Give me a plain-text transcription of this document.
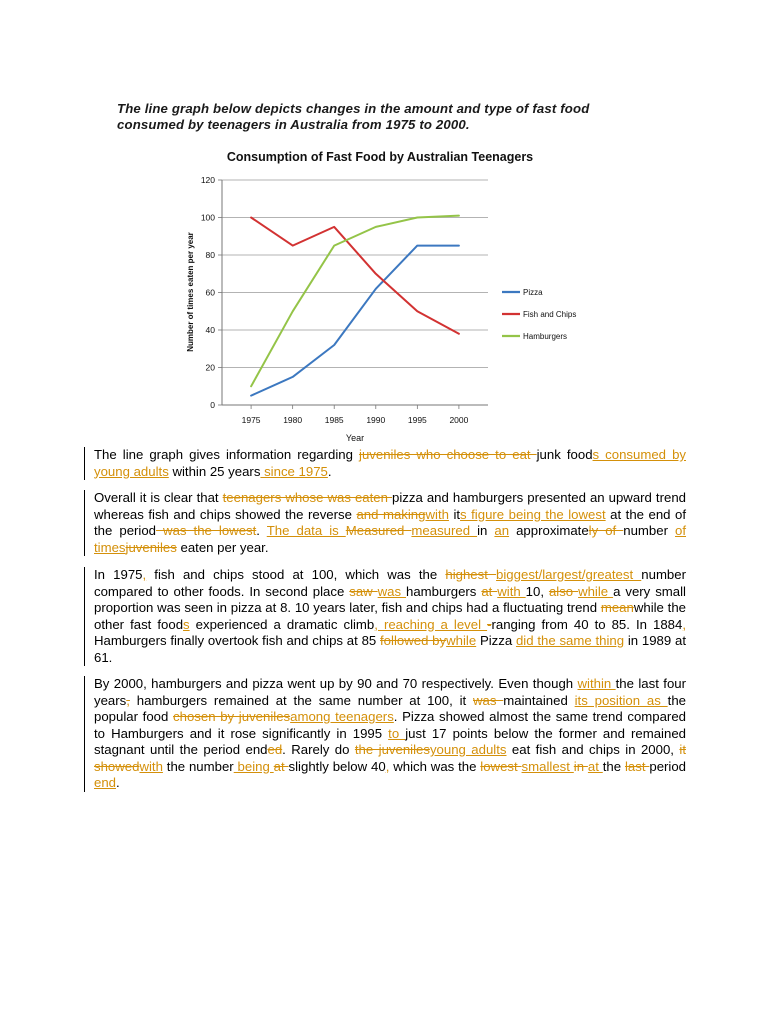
The line graph below depicts changes in the amount and type of fast food consumed by teenagers in Australia from 1975 to 2000.
Consumption of Fast Food by Australian Teenagers
0
20
40
60
80
100
120
1975	1980	1985	1990	1995	2000
Pizza
Fish and Chips
Hamburgers
Year
Number of times eaten per year
The line graph gives information regarding juveniles who choose to eat junk foods consumed by young adults within 25 years since 1975.
Overall it is clear that teenagers whose was eaten pizza and hamburgers presented an upward trend whereas fish and chips showed the reverse and makingwith its figure being the lowest at the end of the period was the lowest. The data is Measured measured in an approximately of number of timesjuveniles eaten per year.
In 1975, fish and chips stood at 100, which was the highest biggest/largest/greatest number compared to other foods. In second place saw was hamburgers at with 10, also while a very small proportion was seen in pizza at 8. 10 years later, fish and chips had a fluctuating trend meanwhile the other fast foods experienced a dramatic climb, reaching a level -ranging from 40 to 85. In 1884, Hamburgers finally overtook fish and chips at 85 followed bywhile Pizza did the same thing in 1989 at 61.
By 2000, hamburgers and pizza went up by 90 and 70 respectively. Even though within the last four years, hamburgers remained at the same number at 100, it was maintained its position as the popular food chosen by juvenilesamong teenagers. Pizza showed almost the same trend compared to Hamburgers and it rose significantly in 1995 to just 17 points below the former and remained stagnant until the period ended. Rarely do the juvenilesyoung adults eat fish and chips in 2000, it showedwith the number being at slightly below 40, which was the lowest smallest in at the last period end.
